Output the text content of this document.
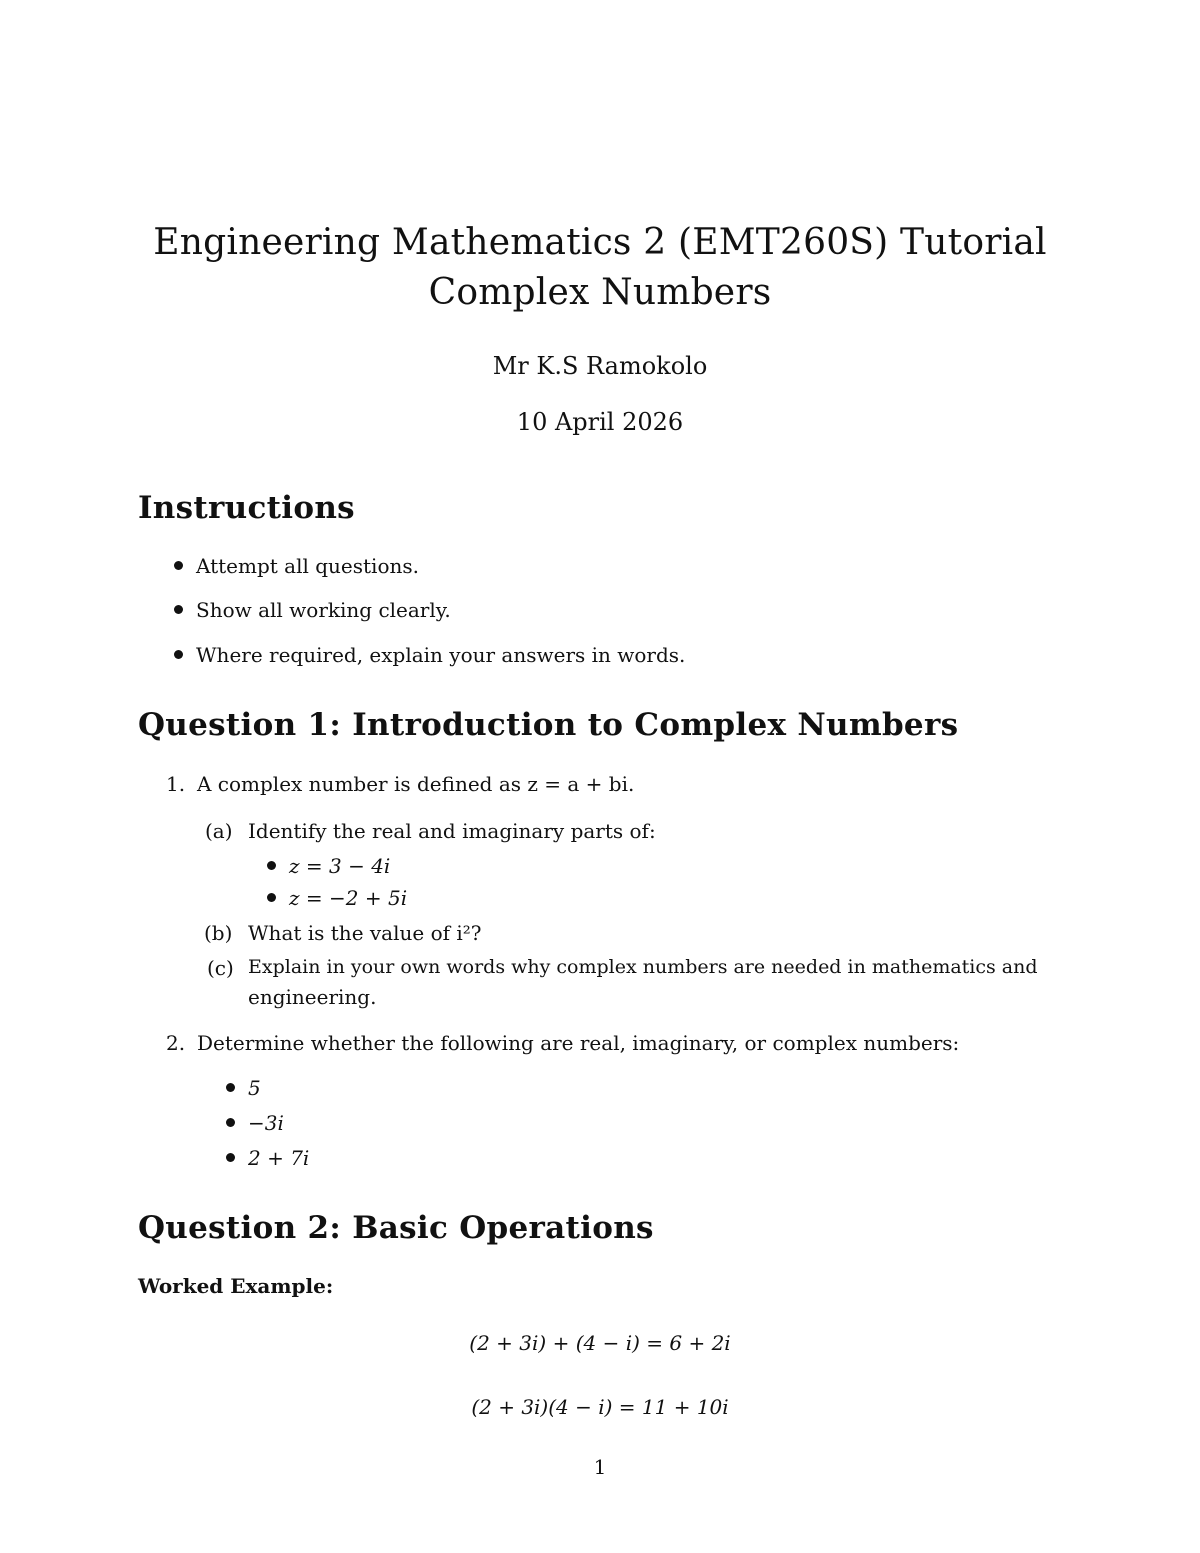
Engineering Mathematics 2 (EMT260S) Tutorial
Complex Numbers
Mr K.S Ramokolo
10 April 2026
Instructions
Attempt all questions.
Show all working clearly.
Where required, explain your answers in words.
Question 1: Introduction to Complex Numbers
1. A complex number is defined as z = a + bi.
(a) Identify the real and imaginary parts of:
z = 3 − 4i
z = −2 + 5i
(b) What is the value of i²?
(c) Explain in your own words why complex numbers are needed in mathematics and
engineering.
2. Determine whether the following are real, imaginary, or complex numbers:
5
−3i
2 + 7i
Question 2: Basic Operations
Worked Example:
(2 + 3i) + (4 − i) = 6 + 2i
(2 + 3i)(4 − i) = 11 + 10i
1
